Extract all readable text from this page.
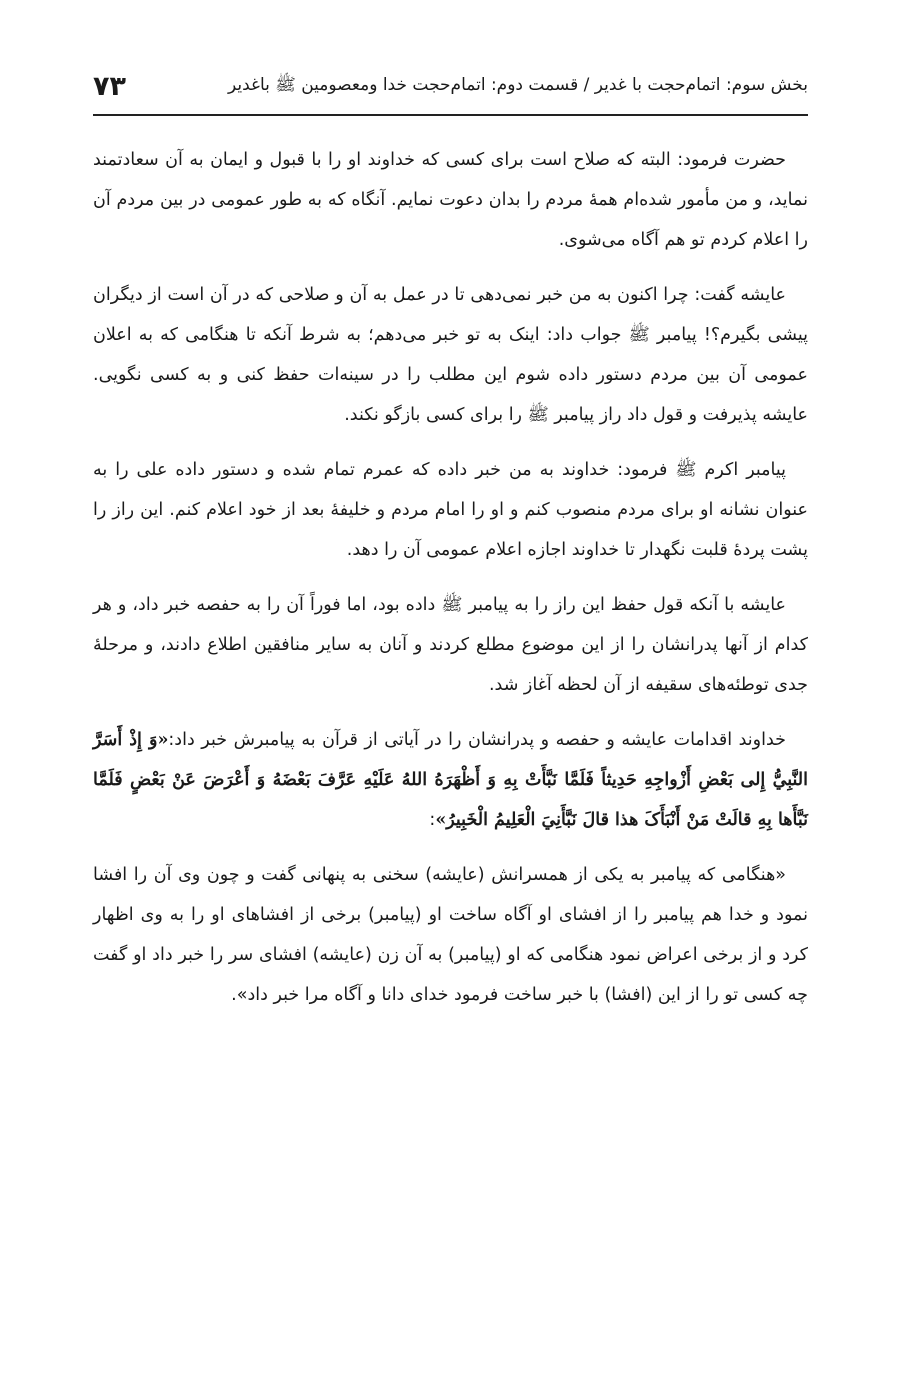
بخش سوم: اتمام‌حجت با غدیر / قسمت دوم: اتمام‌حجت خدا ومعصومین ﷺ باغدیر
۷۳

حضرت فرمود: البته که صلاح است برای کسی که خداوند او را با قبول و ایمان به آن سعادتمند نماید، و من مأمور شده‌ام همهٔ مردم را بدان دعوت نمایم. آنگاه که به طور عمومی در بین مردم آن را اعلام کردم تو هم آگاه می‌شوی.

عایشه گفت: چرا اکنون به من خبر نمی‌دهی تا در عمل به آن و صلاحی که در آن است از دیگران پیشی بگیرم؟! پیامبر ﷺ جواب داد: اینک به تو خبر می‌دهم؛ به شرط آنکه تا هنگامی که به اعلان عمومی آن بین مردم دستور داده شوم این مطلب را در سینه‌ات حفظ کنی و به کسی نگویی. عایشه پذیرفت و قول داد راز پیامبر ﷺ را برای کسی بازگو نکند.

پیامبر اکرم ﷺ فرمود: خداوند به من خبر داده که عمرم تمام شده و دستور داده علی را به عنوان نشانه او برای مردم منصوب کنم و او را امام مردم و خلیفهٔ بعد از خود اعلام کنم. این راز را پشت پردهٔ قلبت نگهدار تا خداوند اجازه اعلام عمومی آن را دهد.

عایشه با آنکه قول حفظ این راز را به پیامبر ﷺ داده بود، اما فوراً آن را به حفصه خبر داد، و هر کدام از آنها پدرانشان را از این موضوع مطلع کردند و آنان به سایر منافقین اطلاع دادند، و مرحلهٔ جدی توطئه‌های سقیفه از آن لحظه آغاز شد.

خداوند اقدامات عایشه و حفصه و پدرانشان را در آیاتی از قرآن به پیامبرش خبر داد:«وَ إِذْ أَسَرَّ النَّبِيُّ إِلی بَعْضِ أَزْواجِهِ حَدِيثاً فَلَمَّا نَبَّأَتْ بِهِ وَ أَظْهَرَهُ اللهُ عَلَيْهِ عَرَّفَ بَعْضَهُ وَ أَعْرَضَ عَنْ بَعْضٍ فَلَمَّا نَبَّأَها بِهِ قالَتْ مَنْ أَنْبَأَکَ هذا قالَ نَبَّأَنِيَ الْعَلِيمُ الْخَبِيرُ»:

«هنگامی که پیامبر به یکی از همسرانش (عایشه) سخنی به پنهانی گفت و چون وی آن را افشا نمود و خدا هم پیامبر را از افشای او آگاه ساخت او (پیامبر) برخی از افشاهای او را به وی اظهار کرد و از برخی اعراض نمود هنگامی که او (پیامبر) به آن زن (عایشه) افشای سر را خبر داد او گفت چه کسی تو را از این (افشا) با خبر ساخت فرمود خدای دانا و آگاه مرا خبر داد».
